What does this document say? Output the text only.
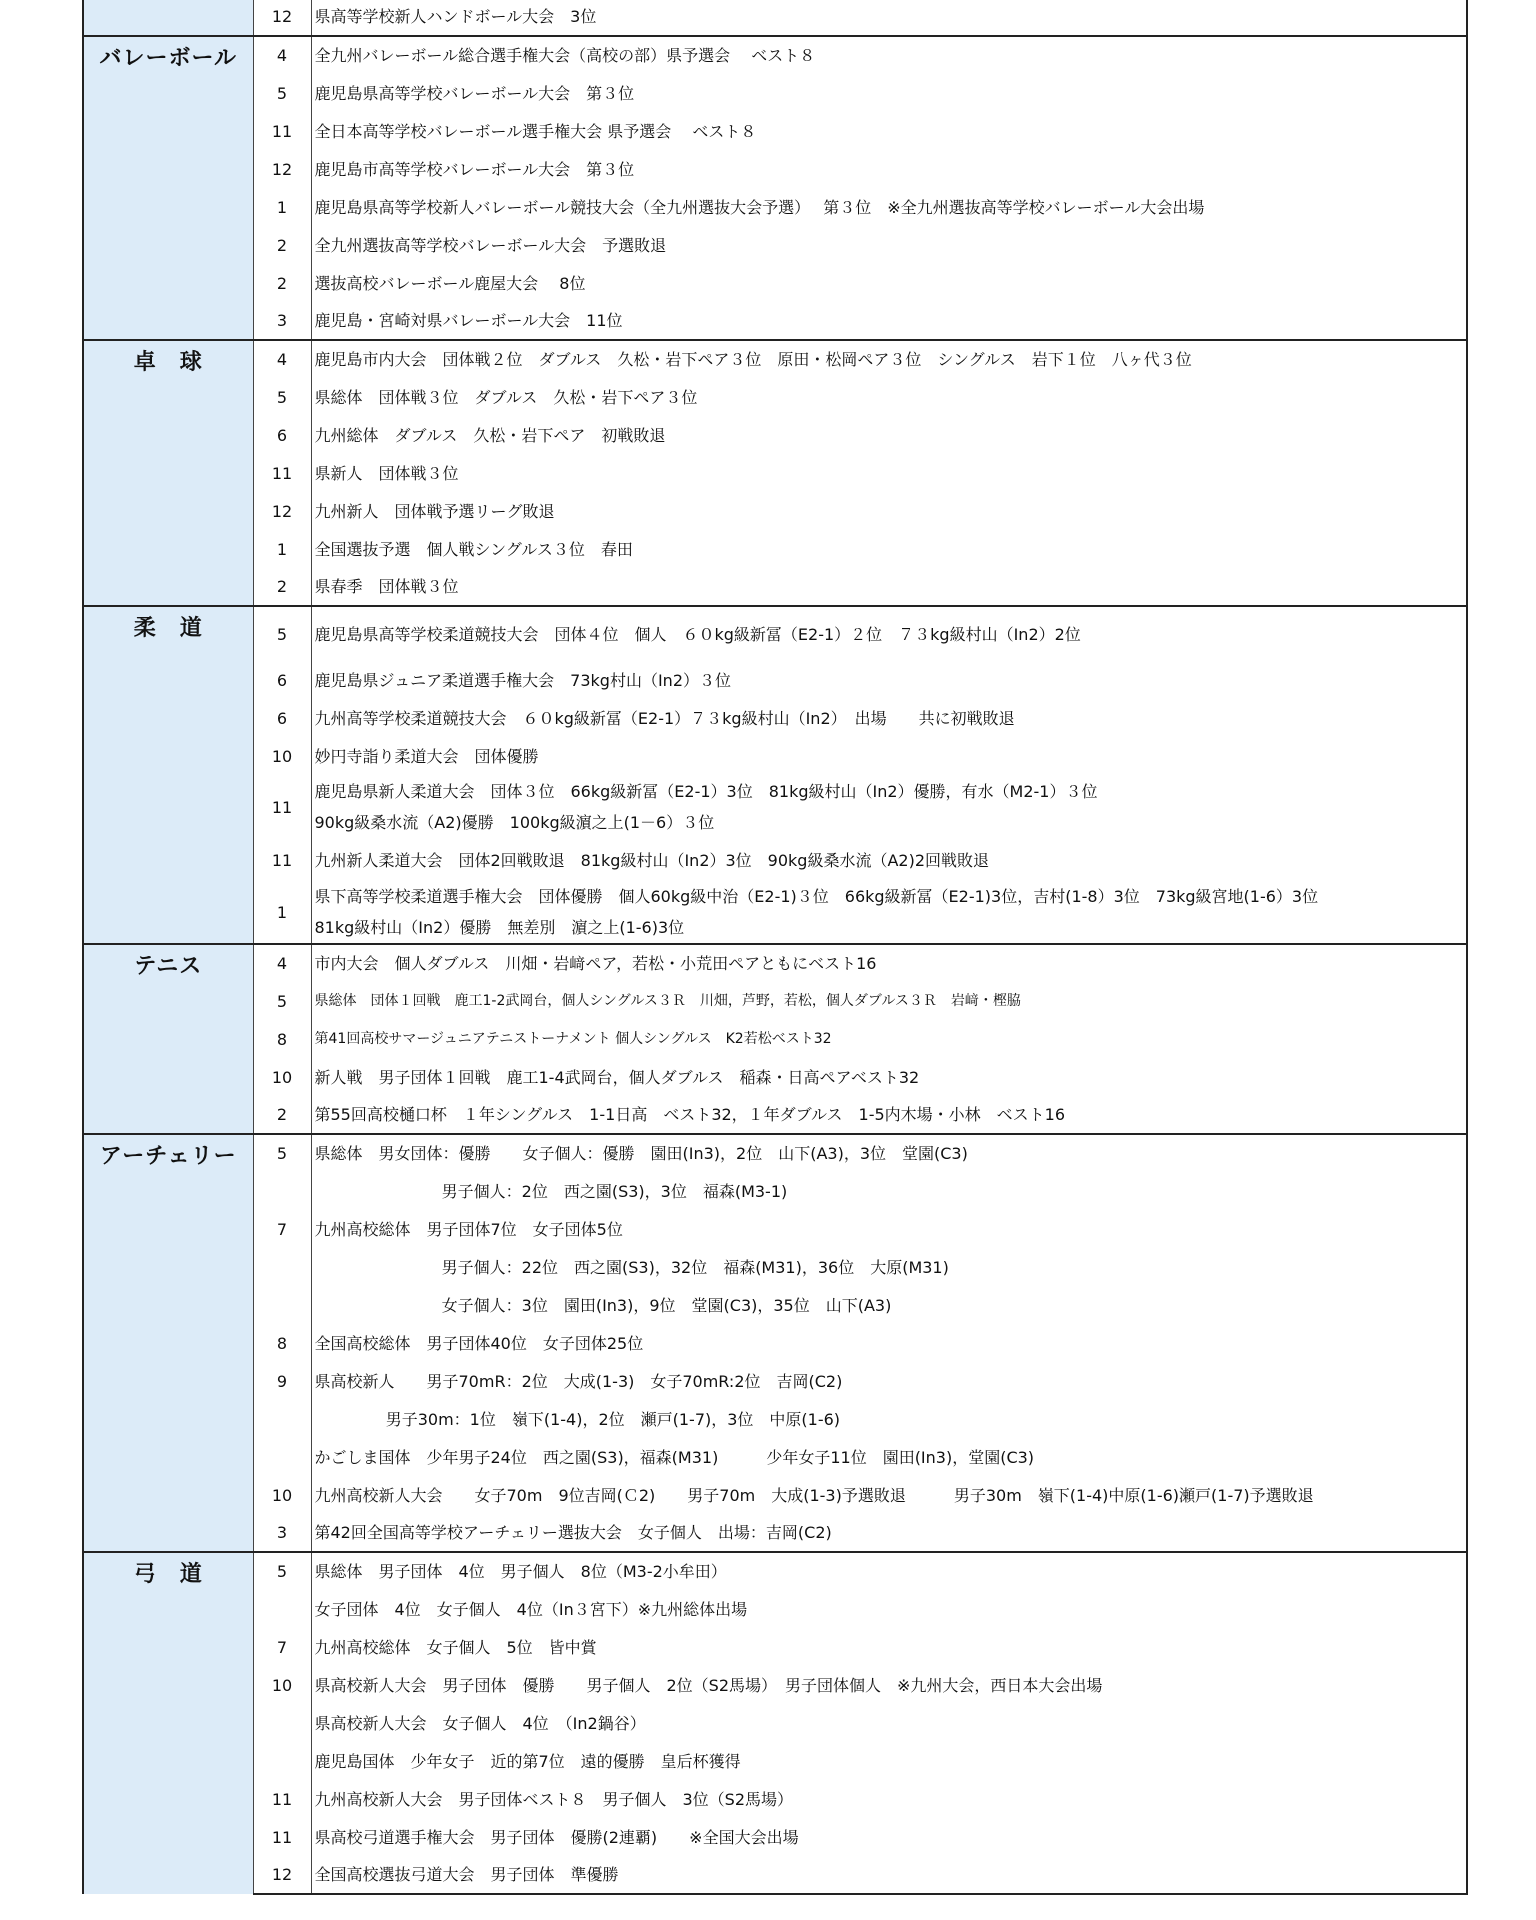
	12	県高等学校新人ハンドボール大会　3位
バレーボール	4	全九州バレーボール総合選手権大会（高校の部）県予選会　 ベスト８
	5	鹿児島県高等学校バレーボール大会　第３位
	11	全日本高等学校バレーボール選手権大会 県予選会　 ベスト８
	12	鹿児島市高等学校バレーボール大会　第３位
	1	鹿児島県高等学校新人バレーボール競技大会（全九州選抜大会予選）　 第３位　※全九州選抜高等学校バレーボール大会出場
	2	全九州選抜高等学校バレーボール大会　予選敗退
	2	選抜高校バレーボール鹿屋大会　 8位
	3	鹿児島・宮崎対県バレーボール大会　11位
卓　球	4	鹿児島市内大会　団体戦２位　ダブルス　久松・岩下ペア３位　原田・松岡ペア３位　シングルス　岩下１位　八ヶ代３位
	5	県総体　団体戦３位　ダブルス　久松・岩下ペア３位
	6	九州総体　ダブルス　久松・岩下ペア　初戦敗退
	11	県新人　団体戦３位
	12	九州新人　団体戦予選リーグ敗退
	1	全国選抜予選　個人戦シングルス３位　春田
	2	県春季　団体戦３位
柔　道	5	鹿児島県高等学校柔道競技大会　団体４位　個人　６０kg級新冨（E2-1）２位　７３kg級村山（In2）2位
	6	鹿児島県ジュニア柔道選手権大会　73kg村山（In2）３位
	6	九州高等学校柔道競技大会　６０kg級新冨（E2-1）７３kg級村山（In2）　出場　　共に初戦敗退
	10	妙円寺詣り柔道大会　団体優勝
	11	鹿児島県新人柔道大会　団体３位　66kg級新冨（E2-1）3位　81kg級村山（In2）優勝，有水（M2-1）３位
90kg級桑水流（A2)優勝　100kg級濵之上(1－6）３位
	11	九州新人柔道大会　団体2回戦敗退　81kg級村山（In2）3位　90kg級桑水流（A2)2回戦敗退
	1	県下高等学校柔道選手権大会　団体優勝　個人60kg級中治（E2-1)３位　66kg級新冨（E2-1)3位，吉村(1-8）3位　73kg級宮地(1-6）3位
81kg級村山（In2）優勝　無差別　濵之上(1-6)3位
テニス	4	市内大会　個人ダブルス　川畑・岩﨑ペア，若松・小荒田ペアともにベスト16
	5	県総体　団体１回戦　鹿工1-2武岡台，個人シングルス３Ｒ　川畑，芦野，若松，個人ダブルス３Ｒ　岩﨑・樫脇
	8	第41回高校サマージュニアテニストーナメント 個人シングルス　K2若松ベスト32
	10	新人戦　男子団体１回戦　鹿工1-4武岡台，個人ダブルス　稲森・日高ペアベスト32
	2	第55回高校樋口杯　１年シングルス　1-1日高　ベスト32，１年ダブルス　1-5内木場・小林　ベスト16
アーチェリー	5	県総体　男女団体：優勝　　女子個人：優勝　園田(In3)，2位　山下(A3)，3位　堂園(C3)
		男子個人：2位　西之園(S3)，3位　福森(M3-1)
	7	九州高校総体　男子団体7位　女子団体5位
		男子個人：22位　西之園(S3)，32位　福森(M31)，36位　大原(M31)
		女子個人：3位　園田(In3)，9位　堂園(C3)，35位　山下(A3)
	8	全国高校総体　男子団体40位　女子団体25位
	9	県高校新人　　男子70mR：2位　大成(1-3)　女子70mR:2位　吉岡(C2)
		男子30m：1位　嶺下(1-4)，2位　瀬戸(1-7)，3位　中原(1-6)
		かごしま国体　少年男子24位　西之園(S3)，福森(M31)　　　少年女子11位　園田(In3)，堂園(C3)
	10	九州高校新人大会　　女子70m　9位吉岡(Ｃ2)　　男子70m　大成(1-3)予選敗退　　　男子30m　嶺下(1-4)中原(1-6)瀬戸(1-7)予選敗退
	3	第42回全国高等学校アーチェリー選抜大会　女子個人　出場：吉岡(C2)
弓　道	5	県総体　男子団体　4位　男子個人　8位（M3-2小牟田）
		女子団体　4位　女子個人　4位（In３宮下）※九州総体出場
	7	九州高校総体　女子個人　5位　皆中賞
	10	県高校新人大会　男子団体　優勝　　男子個人　2位（S2馬場）　男子団体個人　※九州大会，西日本大会出場
		県高校新人大会　女子個人　4位　（In2鍋谷）
		鹿児島国体　少年女子　近的第7位　遠的優勝　皇后杯獲得
	11	九州高校新人大会　男子団体ベスト８　男子個人　3位（S2馬場）
	11	県高校弓道選手権大会　男子団体　優勝(2連覇)　　※全国大会出場
	12	全国高校選抜弓道大会　男子団体　準優勝
